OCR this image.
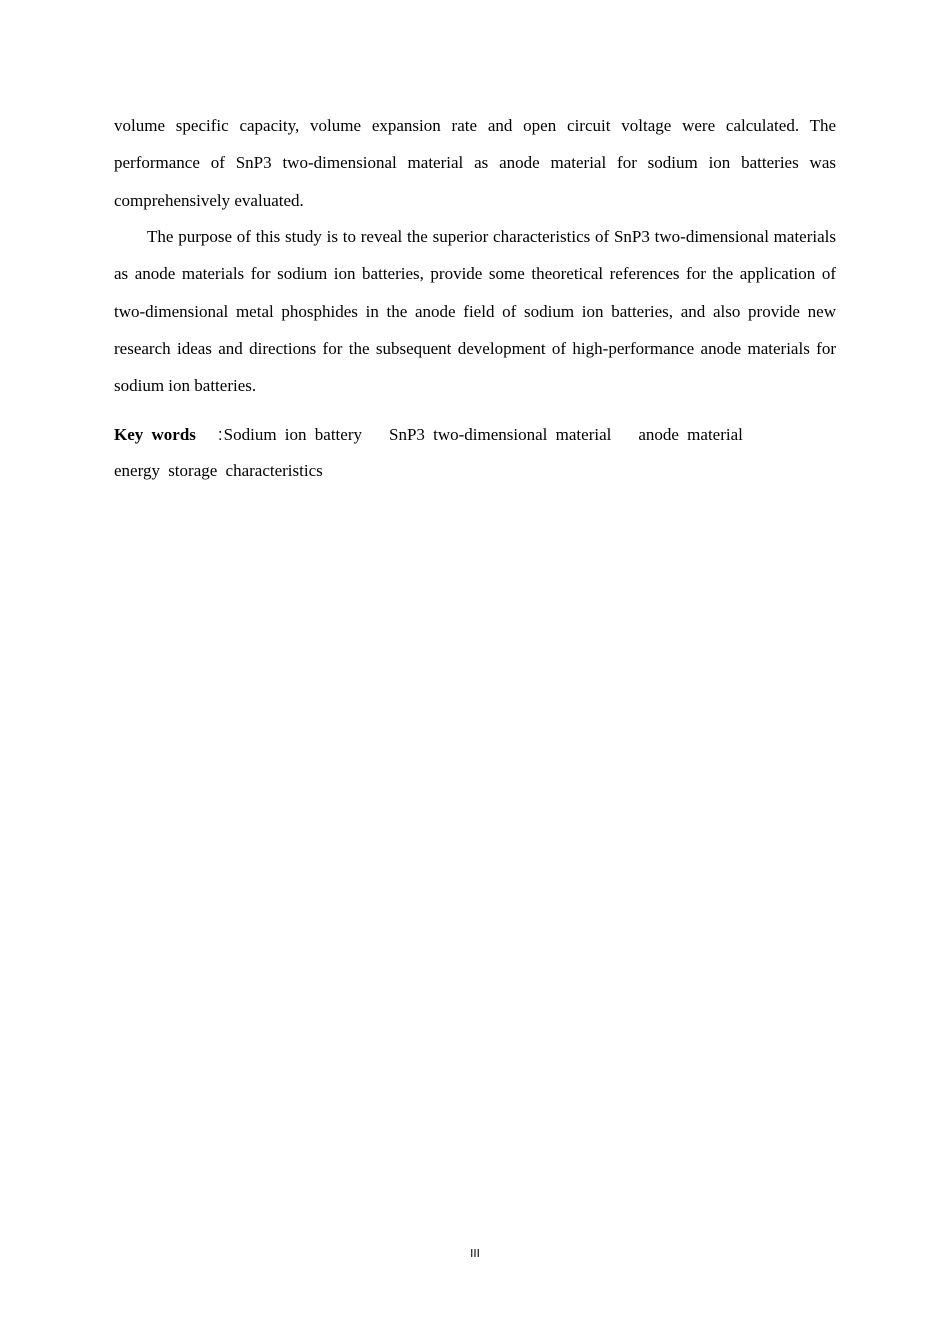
volume specific capacity, volume expansion rate and open circuit voltage were calculated. The performance of SnP3 two-dimensional material as anode material for sodium ion batteries was comprehensively evaluated.

The purpose of this study is to reveal the superior characteristics of SnP3 two-dimensional materials as anode materials for sodium ion batteries, provide some theoretical references for the application of two-dimensional metal phosphides in the anode field of sodium ion batteries, and also provide new research ideas and directions for the subsequent development of high-performance anode materials for sodium ion batteries.

Key words :Sodium ion battery SnP3 two-dimensional material anode material
energy storage characteristics

III
